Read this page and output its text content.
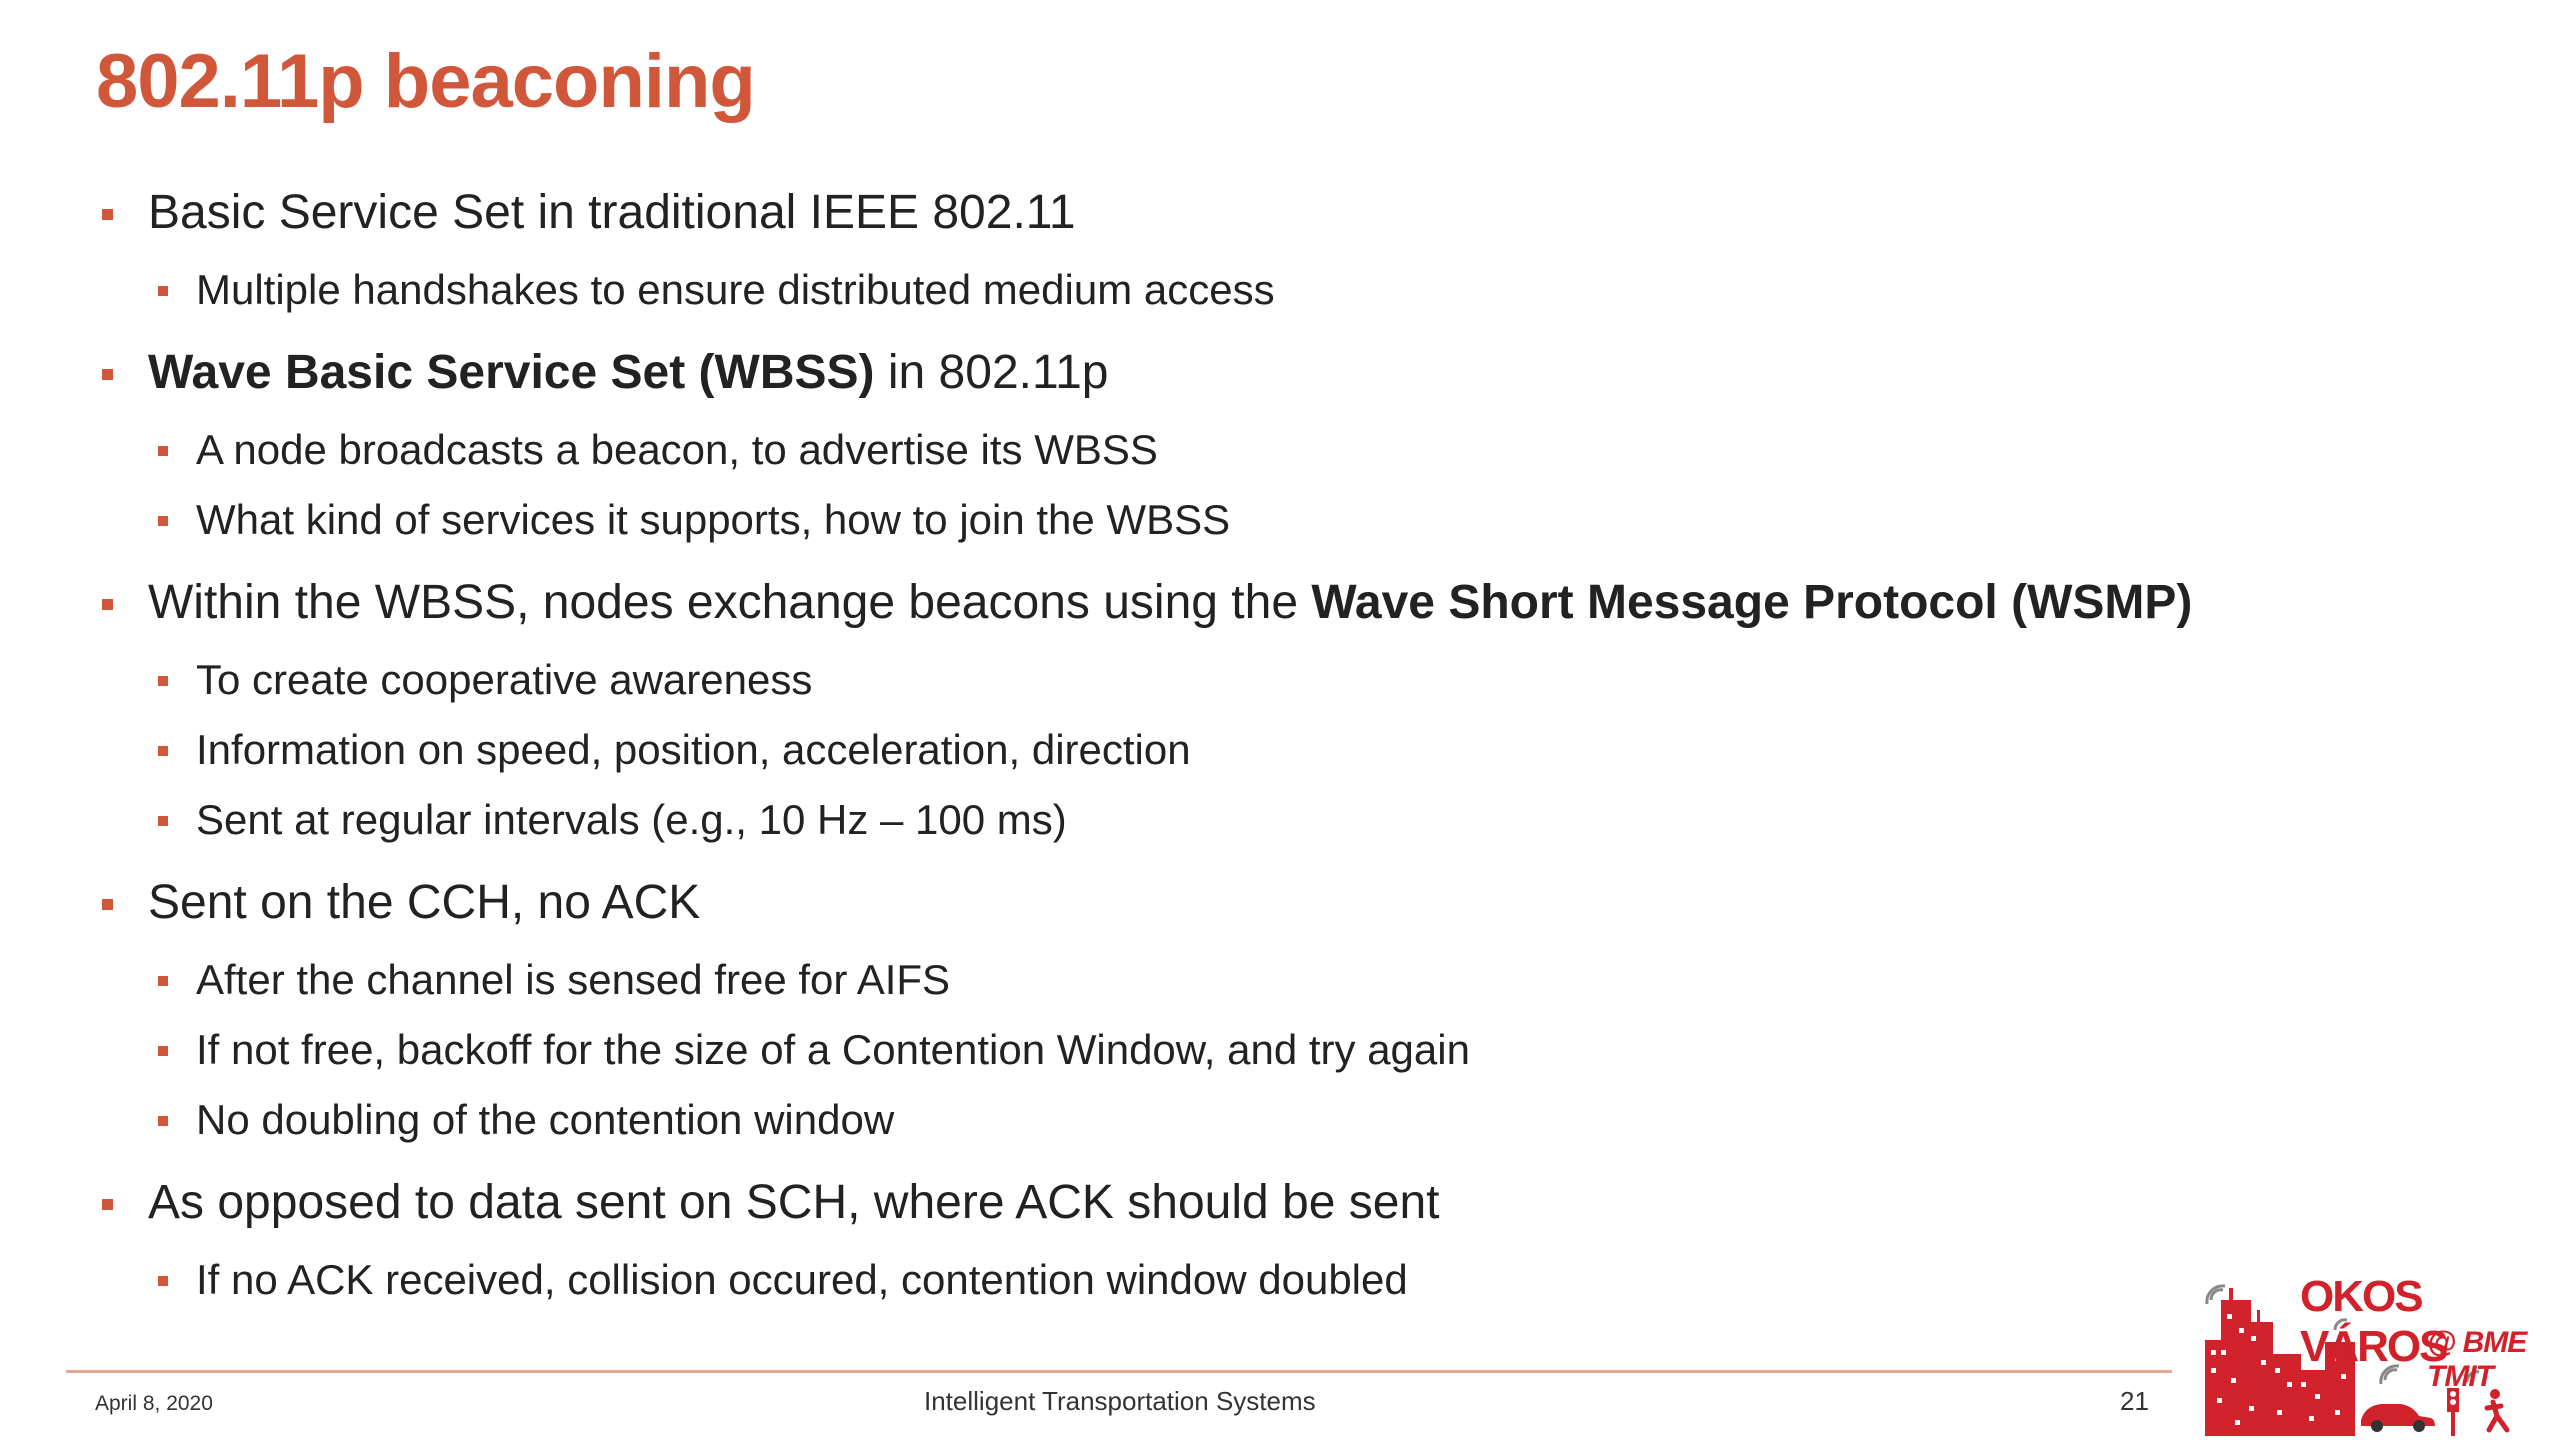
802.11p beaconing
Basic Service Set in traditional IEEE 802.11
Multiple handshakes to ensure distributed medium access
Wave Basic Service Set (WBSS) in 802.11p
A node broadcasts a beacon, to advertise its WBSS
What kind of services it supports, how to join the WBSS
Within the WBSS, nodes exchange beacons using the Wave Short Message Protocol (WSMP)
To create cooperative awareness
Information on speed, position, acceleration, direction
Sent at regular intervals (e.g., 10 Hz – 100 ms)
Sent on the CCH, no ACK
After the channel is sensed free for AIFS
If not free, backoff for the size of a Contention Window, and try again
No doubling of the contention window
As opposed to data sent on SCH, where ACK should be sent
If no ACK received, collision occured, contention window doubled
April 8, 2020	Intelligent Transportation Systems	21
OKOS VÁROS
@ BME TMIT
